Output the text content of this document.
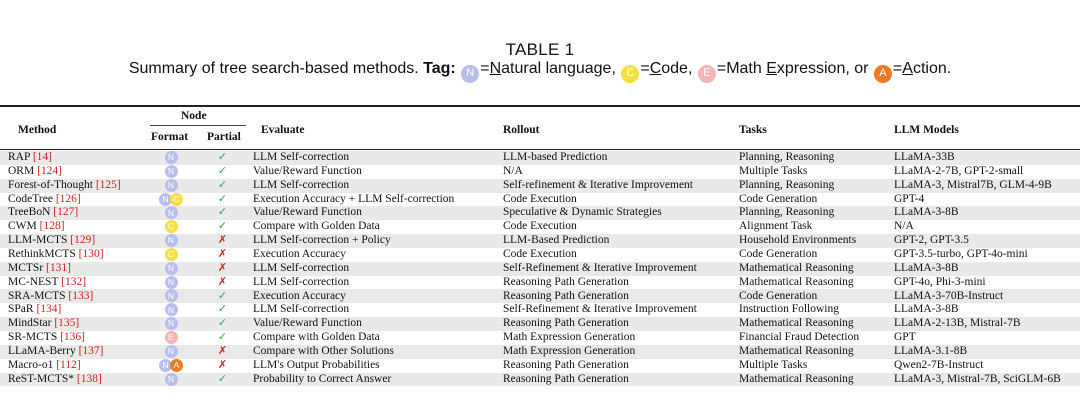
TABLE 1
Summary of tree search-based methods. Tag: N =Natural language, C =Code, E =Math Expression, or A =Action.
Method
Node
Format Partial
Evaluate	Rollout	Tasks	LLM Models
RAP [14]	N	✓	LLM Self-correction	LLM-based Prediction	Planning, Reasoning	LLaMA-33B
ORM [124]	N	✓	Value/Reward Function	N/A	Multiple Tasks	LLaMA-2-7B, GPT-2-small
Forest-of-Thought [125]	N	✓	LLM Self-correction	Self-refinement & Iterative Improvement	Planning, Reasoning	LLaMA-3, Mistral7B, GLM-4-9B
CodeTree [126]	N C	✓	Execution Accuracy + LLM Self-correction	Code Execution	Code Generation	GPT-4
TreeBoN [127]	N	✓	Value/Reward Function	Speculative & Dynamic Strategies	Planning, Reasoning	LLaMA-3-8B
CWM [128]	C	✓	Compare with Golden Data	Code Execution	Alignment Task	N/A
LLM-MCTS [129]	N	✗	LLM Self-correction + Policy	LLM-Based Prediction	Household Environments	GPT-2, GPT-3.5
RethinkMCTS [130]	C	✗	Execution Accuracy	Code Execution	Code Generation	GPT-3.5-turbo, GPT-4o-mini
MCTSr [131]	N	✗	LLM Self-correction	Self-Refinement & Iterative Improvement	Mathematical Reasoning	LLaMA-3-8B
MC-NEST [132]	N	✗	LLM Self-correction	Reasoning Path Generation	Mathematical Reasoning	GPT-4o, Phi-3-mini
SRA-MCTS [133]	N	✓	Execution Accuracy	Reasoning Path Generation	Code Generation	LLaMA-3-70B-Instruct
SPaR [134]	N	✓	LLM Self-correction	Self-Refinement & Iterative Improvement	Instruction Following	LLaMA-3-8B
MindStar [135]	N	✓	Value/Reward Function	Reasoning Path Generation	Mathematical Reasoning	LLaMA-2-13B, Mistral-7B
SR-MCTS [136]	E	✓	Compare with Golden Data	Math Expression Generation	Financial Fraud Detection	GPT
LLaMA-Berry [137]	N	✗	Compare with Other Solutions	Math Expression Generation	Mathematical Reasoning	LLaMA-3.1-8B
Macro-o1 [112]	N A	✗	LLM's Output Probabilities	Reasoning Path Generation	Multiple Tasks	Qwen2-7B-Instruct
ReST-MCTS* [138]	N	✓	Probability to Correct Answer	Reasoning Path Generation	Mathematical Reasoning	LLaMA-3, Mistral-7B, SciGLM-6B
